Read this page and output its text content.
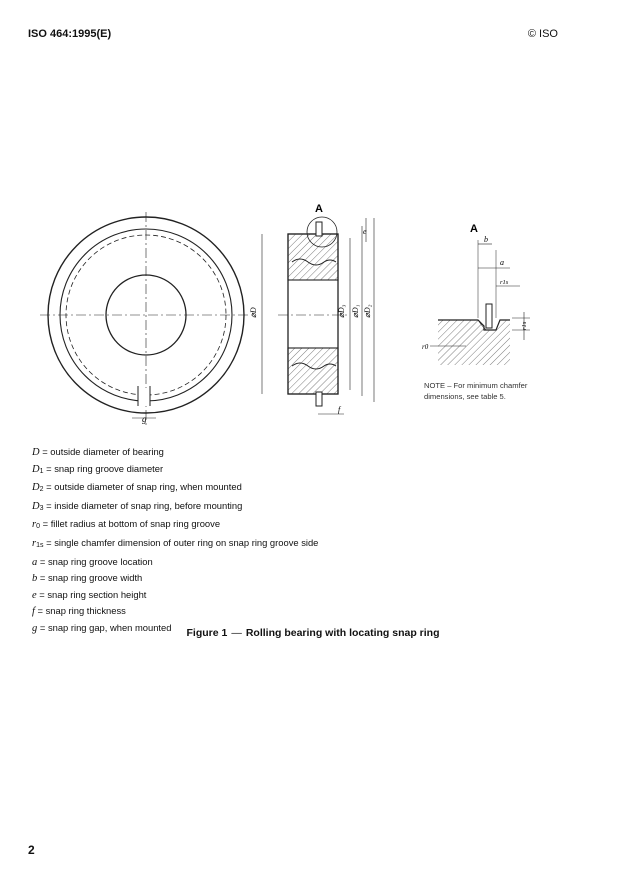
ISO 464:1995(E)	© ISO
g
A
⌀D	⌀D₃ ⌀D₁ ⌀D₂
e
f
A
b
a
r1s
r1s
r0
NOTE – For minimum chamfer
dimensions, see table 5.
D = outside diameter of bearing
D1 = snap ring groove diameter
D2 = outside diameter of snap ring, when mounted
D3 = inside diameter of snap ring, before mounting
r0 = fillet radius at bottom of snap ring groove
r1s = single chamfer dimension of outer ring on snap ring groove side
a = snap ring groove location
b = snap ring groove width
e = snap ring section height
f = snap ring thickness
g = snap ring gap, when mounted	Figure 1 — Rolling bearing with locating snap ring
2
